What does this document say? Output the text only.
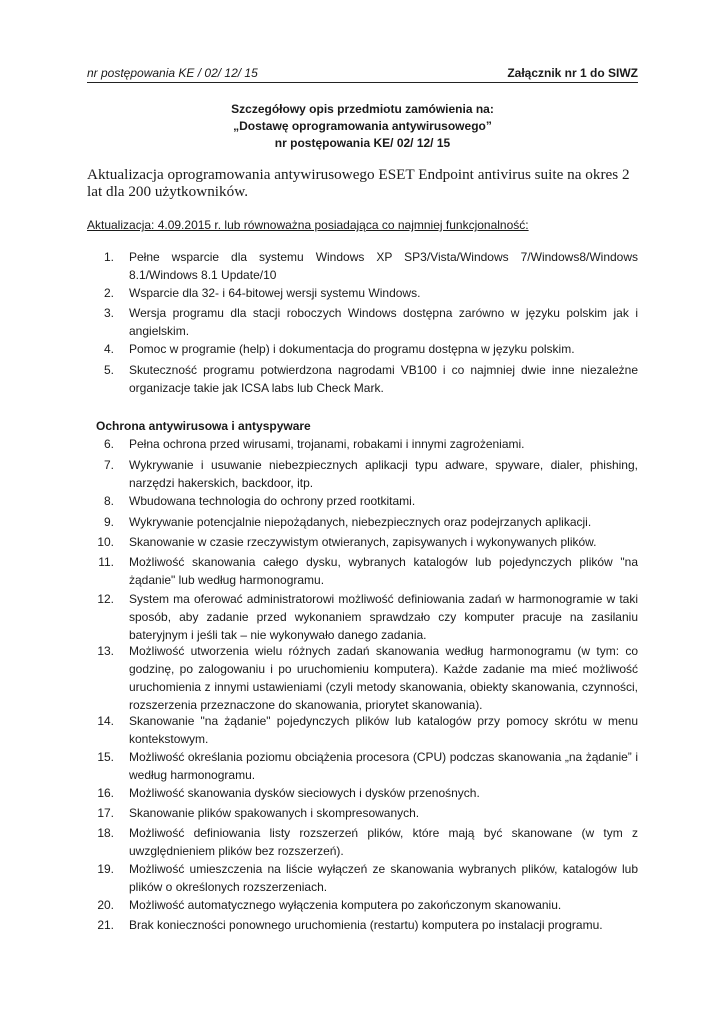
nr postępowania KE / 02/ 12/ 15	Załącznik nr 1 do SIWZ
Szczegółowy opis przedmiotu zamówienia na:
„Dostawę oprogramowania antywirusowego”
nr postępowania KE/ 02/ 12/ 15
Aktualizacja oprogramowania antywirusowego ESET Endpoint antivirus suite na okres 2 lat dla 200 użytkowników.
Aktualizacja: 4.09.2015 r. lub równoważna posiadająca co najmniej funkcjonalność:
1. Pełne wsparcie dla systemu Windows XP SP3/Vista/Windows 7/Windows8/Windows 8.1/Windows 8.1 Update/10
2. Wsparcie dla 32- i 64-bitowej wersji systemu Windows.
3. Wersja programu dla stacji roboczych Windows dostępna zarówno w języku polskim jak i angielskim.
4. Pomoc w programie (help) i dokumentacja do programu dostępna w języku polskim.
5. Skuteczność programu potwierdzona nagrodami VB100 i co najmniej dwie inne niezależne organizacje takie jak ICSA labs lub Check Mark.
Ochrona antywirusowa i antyspyware
6. Pełna ochrona przed wirusami, trojanami, robakami i innymi zagrożeniami.
7. Wykrywanie i usuwanie niebezpiecznych aplikacji typu adware, spyware, dialer, phishing, narzędzi hakerskich, backdoor, itp.
8. Wbudowana technologia do ochrony przed rootkitami.
9. Wykrywanie potencjalnie niepożądanych, niebezpiecznych oraz podejrzanych aplikacji.
10. Skanowanie w czasie rzeczywistym otwieranych, zapisywanych i wykonywanych plików.
11. Możliwość skanowania całego dysku, wybranych katalogów lub pojedynczych plików "na żądanie" lub według harmonogramu.
12. System ma oferować administratorowi możliwość definiowania zadań w harmonogramie w taki sposób, aby zadanie przed wykonaniem sprawdzało czy komputer pracuje na zasilaniu bateryjnym i jeśli tak – nie wykonywało danego zadania.
13. Możliwość utworzenia wielu różnych zadań skanowania według harmonogramu (w tym: co godzinę, po zalogowaniu i po uruchomieniu komputera). Każde zadanie ma mieć możliwość uruchomienia z innymi ustawieniami (czyli metody skanowania, obiekty skanowania, czynności, rozszerzenia przeznaczone do skanowania, priorytet skanowania).
14. Skanowanie "na żądanie" pojedynczych plików lub katalogów przy pomocy skrótu w menu kontekstowym.
15. Możliwość określania poziomu obciążenia procesora (CPU) podczas skanowania „na żądanie” i według harmonogramu.
16. Możliwość skanowania dysków sieciowych i dysków przenośnych.
17. Skanowanie plików spakowanych i skompresowanych.
18. Możliwość definiowania listy rozszerzeń plików, które mają być skanowane (w tym z uwzględnieniem plików bez rozszerzeń).
19. Możliwość umieszczenia na liście wyłączeń ze skanowania wybranych plików, katalogów lub plików o określonych rozszerzeniach.
20. Możliwość automatycznego wyłączenia komputera po zakończonym skanowaniu.
21. Brak konieczności ponownego uruchomienia (restartu) komputera po instalacji programu.
